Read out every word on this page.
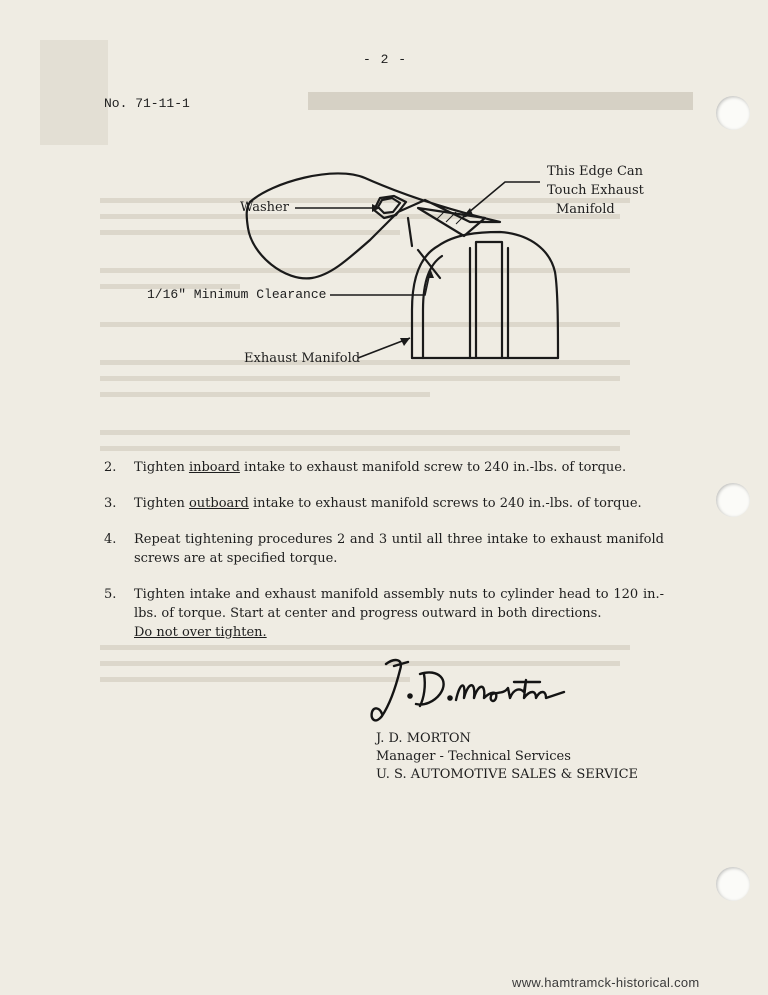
- 2 -
No. 71-11-1
This Edge Can
Touch Exhaust
Manifold
Washer
1/16" Minimum Clearance
Exhaust Manifold
2.	Tighten inboard intake to exhaust manifold screw to 240 in.-lbs. of torque.
3.	Tighten outboard intake to exhaust manifold screws to 240 in.-lbs. of torque.
4.	Repeat tightening procedures 2 and 3 until all three intake to exhaust manifold screws are at specified torque.
5.	Tighten intake and exhaust manifold assembly nuts to cylinder head to 120 in.-lbs. of torque. Start at center and progress outward in both directions.
Do not over tighten.
J. D. MORTON
Manager - Technical Services
U. S. AUTOMOTIVE SALES & SERVICE
www.hamtramck-historical.com
